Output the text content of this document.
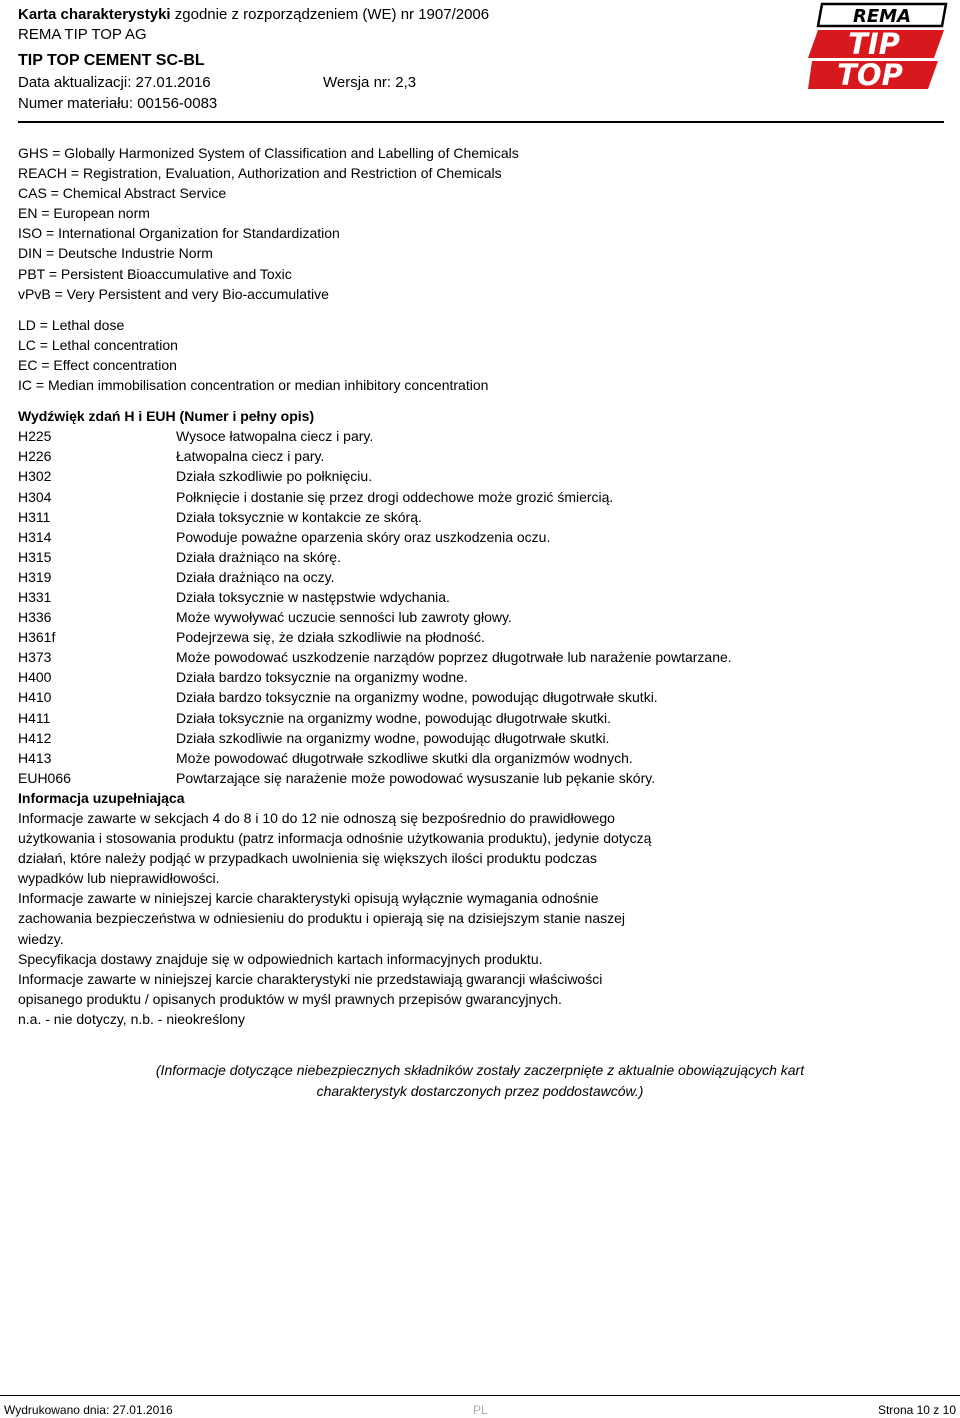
Karta charakterystyki zgodnie z rozporządzeniem (WE) nr 1907/2006
REMA TIP TOP AG
TIP TOP CEMENT SC-BL
Data aktualizacji: 27.01.2016	Wersja nr: 2,3
Numer materiału: 00156-0083
REMA
TIP
TOP
GHS = Globally Harmonized System of Classification and Labelling of Chemicals
REACH = Registration, Evaluation, Authorization and Restriction of Chemicals
CAS = Chemical Abstract Service
EN = European norm
ISO = International Organization for Standardization
DIN = Deutsche Industrie Norm
PBT = Persistent Bioaccumulative and Toxic
vPvB = Very Persistent and very Bio-accumulative
LD = Lethal dose
LC = Lethal concentration
EC = Effect concentration
IC = Median immobilisation concentration or median inhibitory concentration
Wydźwięk zdań H i EUH (Numer i pełny opis)
H225	Wysoce łatwopalna ciecz i pary.
H226	Łatwopalna ciecz i pary.
H302	Działa szkodliwie po połknięciu.
H304	Połknięcie i dostanie się przez drogi oddechowe może grozić śmiercią.
H311	Działa toksycznie w kontakcie ze skórą.
H314	Powoduje poważne oparzenia skóry oraz uszkodzenia oczu.
H315	Działa drażniąco na skórę.
H319	Działa drażniąco na oczy.
H331	Działa toksycznie w następstwie wdychania.
H336	Może wywoływać uczucie senności lub zawroty głowy.
H361f	Podejrzewa się, że działa szkodliwie na płodność.
H373	Może powodować uszkodzenie narządów poprzez długotrwałe lub narażenie powtarzane.
H400	Działa bardzo toksycznie na organizmy wodne.
H410	Działa bardzo toksycznie na organizmy wodne, powodując długotrwałe skutki.
H411	Działa toksycznie na organizmy wodne, powodując długotrwałe skutki.
H412	Działa szkodliwie na organizmy wodne, powodując długotrwałe skutki.
H413	Może powodować długotrwałe szkodliwe skutki dla organizmów wodnych.
EUH066	Powtarzające się narażenie może powodować wysuszanie lub pękanie skóry.
Informacja uzupełniająca
Informacje zawarte w sekcjach 4 do 8 i 10 do 12 nie odnoszą się bezpośrednio do prawidłowego
użytkowania i stosowania produktu (patrz informacja odnośnie użytkowania produktu), jedynie dotyczą
działań, które należy podjąć w przypadkach uwolnienia się większych ilości produktu podczas
wypadków lub nieprawidłowości.
Informacje zawarte w niniejszej karcie charakterystyki opisują wyłącznie wymagania odnośnie
zachowania bezpieczeństwa w odniesieniu do produktu i opierają się na dzisiejszym stanie naszej
wiedzy.
Specyfikacja dostawy znajduje się w odpowiednich kartach informacyjnych produktu.
Informacje zawarte w niniejszej karcie charakterystyki nie przedstawiają gwarancji właściwości
opisanego produktu / opisanych produktów w myśl prawnych przepisów gwarancyjnych.
n.a. - nie dotyczy, n.b. - nieokreślony
(Informacje dotyczące niebezpiecznych składników zostały zaczerpnięte z aktualnie obowiązujących kart
charakterystyk dostarczonych przez poddostawców.)
Wydrukowano dnia: 27.01.2016	PL	Strona 10 z 10
